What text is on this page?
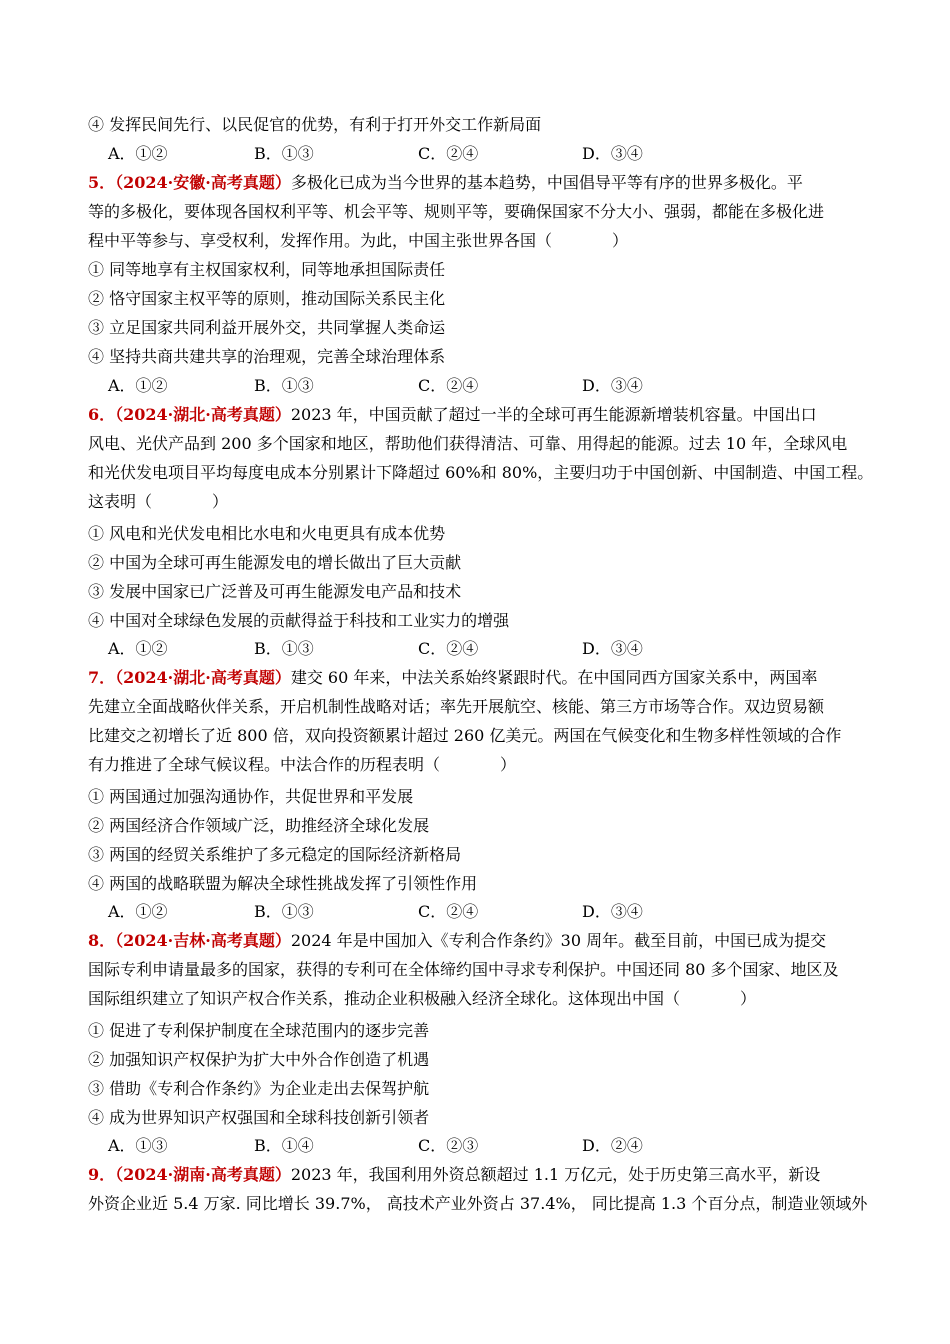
④ 发挥民间先行、以民促官的优势，有利于打开外交工作新局面
A．①②	B．①③	C．②④	D．③④
5．（2024·安徽·高考真题）多极化已成为当今世界的基本趋势，中国倡导平等有序的世界多极化。平
等的多极化，要体现各国权利平等、机会平等、规则平等，要确保国家不分大小、强弱，都能在多极化进
程中平等参与、享受权利，发挥作用。为此，中国主张世界各国（	）
① 同等地享有主权国家权利，同等地承担国际责任
② 恪守国家主权平等的原则，推动国际关系民主化
③ 立足国家共同利益开展外交，共同掌握人类命运
④ 坚持共商共建共享的治理观，完善全球治理体系
A．①②	B．①③	C．②④	D．③④
6．（2024·湖北·高考真题）2023 年，中国贡献了超过一半的全球可再生能源新增装机容量。中国出口
风电、光伏产品到 200 多个国家和地区，帮助他们获得清洁、可靠、用得起的能源。过去 10 年，全球风电
和光伏发电项目平均每度电成本分别累计下降超过 60%和 80%，主要归功于中国创新、中国制造、中国工程。
这表明（	）
① 风电和光伏发电相比水电和火电更具有成本优势
② 中国为全球可再生能源发电的增长做出了巨大贡献
③ 发展中国家已广泛普及可再生能源发电产品和技术
④ 中国对全球绿色发展的贡献得益于科技和工业实力的增强
A．①②	B．①③	C．②④	D．③④
7．（2024·湖北·高考真题）建交 60 年来，中法关系始终紧跟时代。在中国同西方国家关系中，两国率
先建立全面战略伙伴关系，开启机制性战略对话；率先开展航空、核能、第三方市场等合作。双边贸易额
比建交之初增长了近 800 倍，双向投资额累计超过 260 亿美元。两国在气候变化和生物多样性领域的合作
有力推进了全球气候议程。中法合作的历程表明（	）
① 两国通过加强沟通协作，共促世界和平发展
② 两国经济合作领域广泛，助推经济全球化发展
③ 两国的经贸关系维护了多元稳定的国际经济新格局
④ 两国的战略联盟为解决全球性挑战发挥了引领性作用
A．①②	B．①③	C．②④	D．③④
8．（2024·吉林·高考真题）2024 年是中国加入《专利合作条约》30 周年。截至目前，中国已成为提交
国际专利申请量最多的国家，获得的专利可在全体缔约国中寻求专利保护。中国还同 80 多个国家、地区及
国际组织建立了知识产权合作关系，推动企业积极融入经济全球化。这体现出中国（	）
① 促进了专利保护制度在全球范围内的逐步完善
② 加强知识产权保护为扩大中外合作创造了机遇
③ 借助《专利合作条约》为企业走出去保驾护航
④ 成为世界知识产权强国和全球科技创新引领者
A．①③	B．①④	C．②③	D．②④
9．（2024·湖南·高考真题）2023 年，我国利用外资总额超过 1.1 万亿元，处于历史第三高水平，新设
外资企业近 5.4 万家. 同比增长 39.7%， 高技术产业外资占 37.4%， 同比提高 1.3 个百分点，制造业领域外
